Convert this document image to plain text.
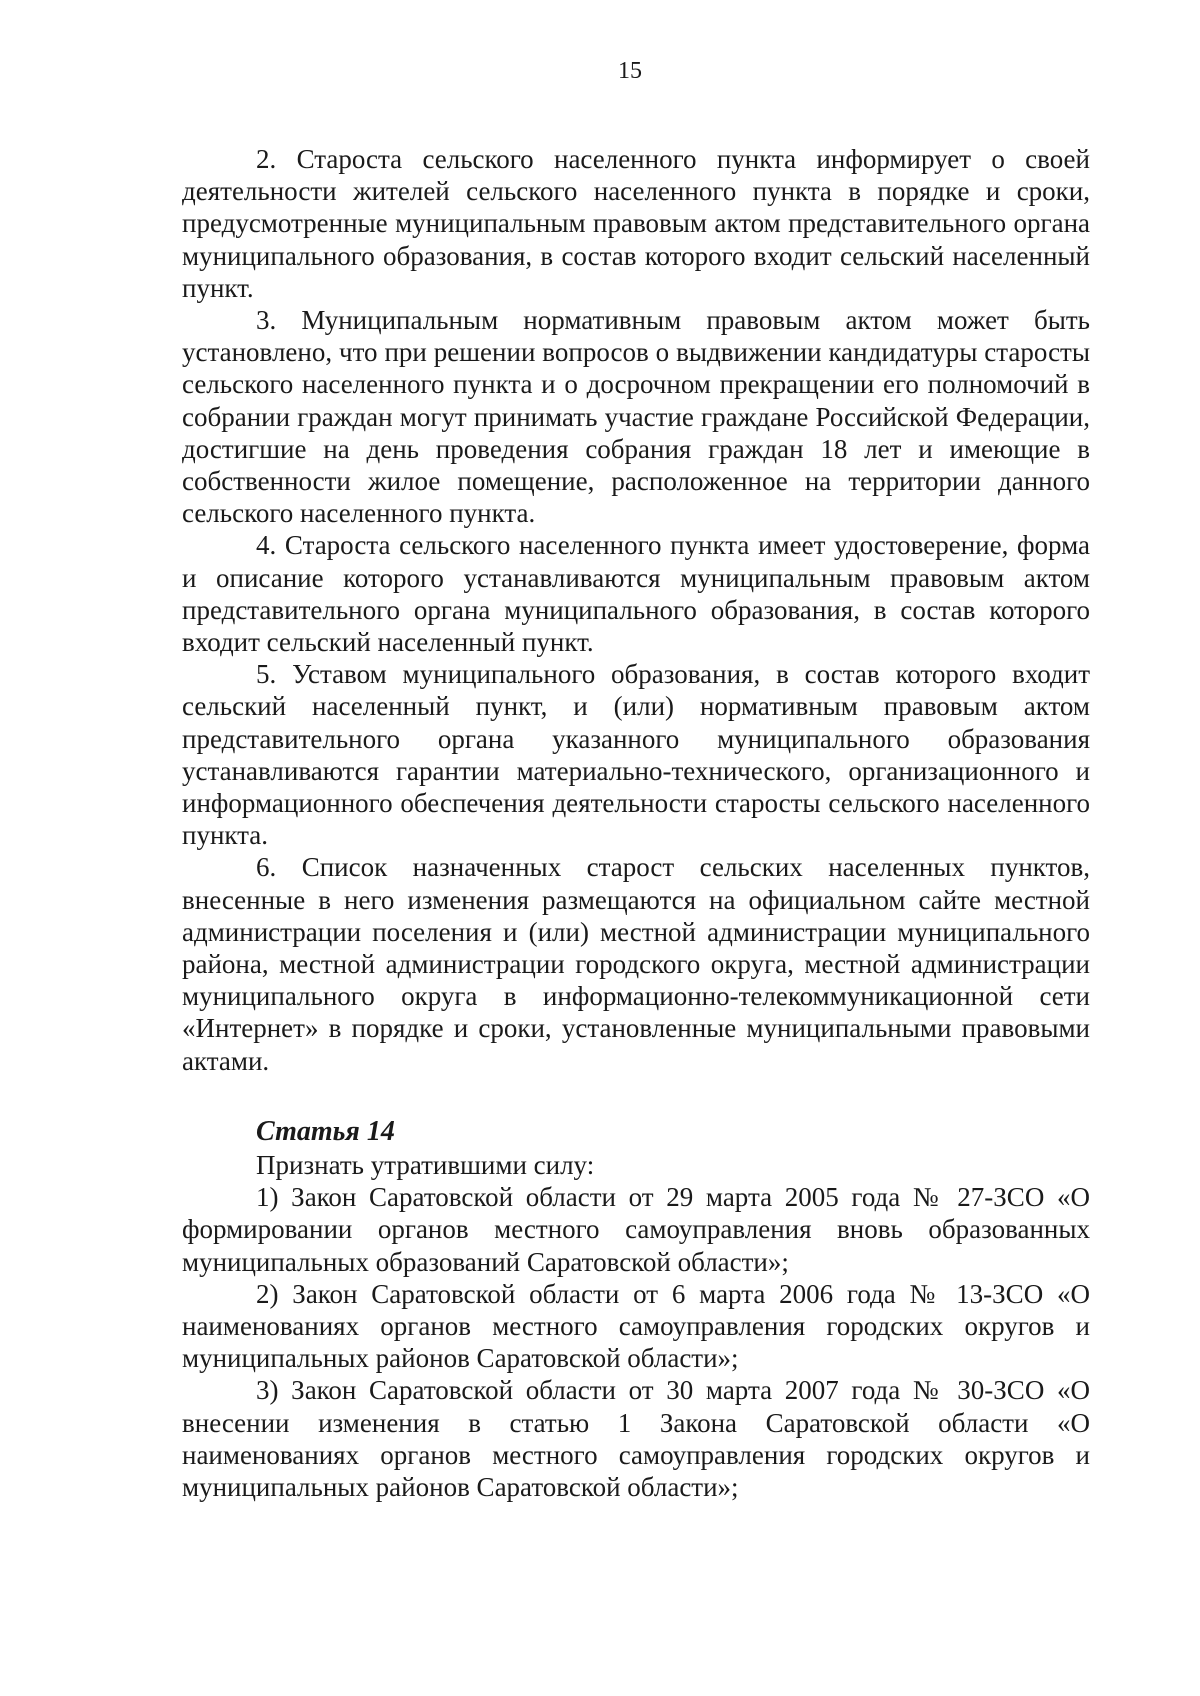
15

2. Староста сельского населенного пункта информирует о своей деятельности жителей сельского населенного пункта в порядке и сроки, предусмотренные муниципальным правовым актом представительного органа муниципального образования, в состав которого входит сельский населенный пункт.

3. Муниципальным нормативным правовым актом может быть установлено, что при решении вопросов о выдвижении кандидатуры старосты сельского населенного пункта и о досрочном прекращении его полномочий в собрании граждан могут принимать участие граждане Российской Федерации, достигшие на день проведения собрания граждан 18 лет и имеющие в собственности жилое помещение, расположенное на территории данного сельского населенного пункта.

4. Староста сельского населенного пункта имеет удостоверение, форма и описание которого устанавливаются муниципальным правовым актом представительного органа муниципального образования, в состав которого входит сельский населенный пункт.

5. Уставом муниципального образования, в состав которого входит сельский населенный пункт, и (или) нормативным правовым актом представительного органа указанного муниципального образования устанавливаются гарантии материально-технического, организационного и информационного обеспечения деятельности старосты сельского населенного пункта.

6. Список назначенных старост сельских населенных пунктов, внесенные в него изменения размещаются на официальном сайте местной администрации поселения и (или) местной администрации муниципального района, местной администрации городского округа, местной администрации муниципального округа в информационно-телекоммуникационной сети «Интернет» в порядке и сроки, установленные муниципальными правовыми актами.

Статья 14

Признать утратившими силу:

1) Закон Саратовской области от 29 марта 2005 года № 27-ЗСО «О формировании органов местного самоуправления вновь образованных муниципальных образований Саратовской области»;

2) Закон Саратовской области от 6 марта 2006 года № 13-ЗСО «О наименованиях органов местного самоуправления городских округов и муниципальных районов Саратовской области»;

3) Закон Саратовской области от 30 марта 2007 года № 30-ЗСО «О внесении изменения в статью 1 Закона Саратовской области «О наименованиях органов местного самоуправления городских округов и муниципальных районов Саратовской области»;
